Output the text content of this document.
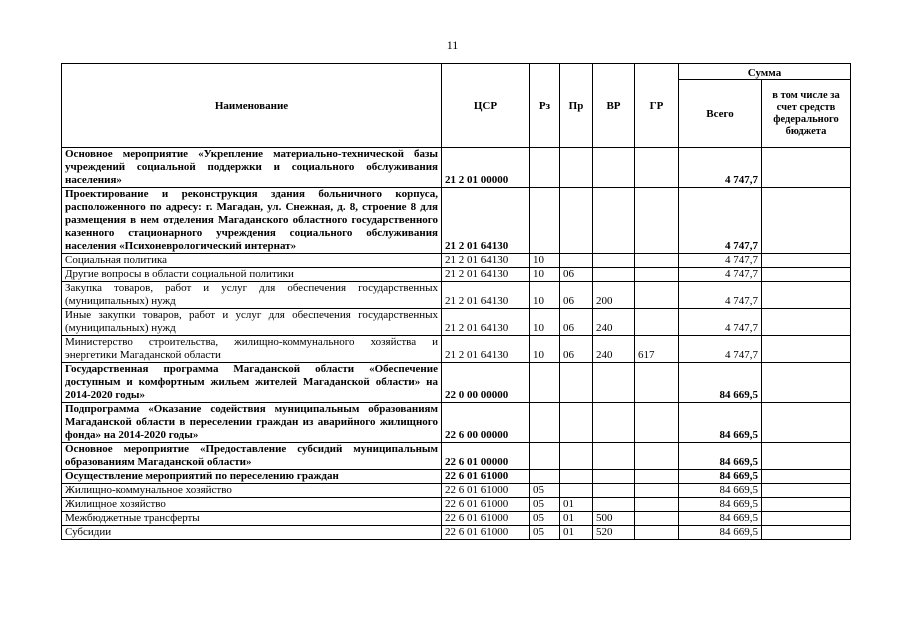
11
Наименование	ЦСР	Рз	Пр	ВР	ГР	Сумма	
						Всего	в том числе за счет средств федерального бюджета
Основное мероприятие «Укрепление материально-технической базы учреждений социальной поддержки и социального обслуживания населения»	21 2 01 00000					4 747,7	
Проектирование и реконструкция здания больничного корпуса, расположенного по адресу: г. Магадан, ул. Снежная, д. 8, строение 8 для размещения в нем отделения Магаданского областного государственного казенного стационарного учреждения социального обслуживания населения «Психоневрологический интернат»	21 2 01 64130					4 747,7	
Социальная политика	21 2 01 64130	10				4 747,7	
Другие вопросы в области социальной политики	21 2 01 64130	10	06			4 747,7	
Закупка товаров, работ и услуг для обеспечения государственных (муниципальных) нужд	21 2 01 64130	10	06	200		4 747,7	
Иные закупки товаров, работ и услуг для обеспечения государственных (муниципальных) нужд	21 2 01 64130	10	06	240		4 747,7	
Министерство строительства, жилищно-коммунального хозяйства и энергетики Магаданской области	21 2 01 64130	10	06	240	617	4 747,7	
Государственная программа Магаданской области «Обеспечение доступным и комфортным жильем жителей Магаданской области» на 2014-2020 годы»	22 0 00 00000					84 669,5	
Подпрограмма «Оказание содействия муниципальным образованиям Магаданской области в переселении граждан из аварийного жилищного фонда» на 2014-2020 годы»	22 6 00 00000					84 669,5	
Основное мероприятие «Предоставление субсидий муниципальным образованиям Магаданской области»	22 6 01 00000					84 669,5	
Осуществление мероприятий по переселению граждан	22 6 01 61000					84 669,5	
Жилищно-коммунальное хозяйство	22 6 01 61000	05				84 669,5	
Жилищное хозяйство	22 6 01 61000	05	01			84 669,5	
Межбюджетные трансферты	22 6 01 61000	05	01	500		84 669,5	
Субсидии	22 6 01 61000	05	01	520		84 669,5	
